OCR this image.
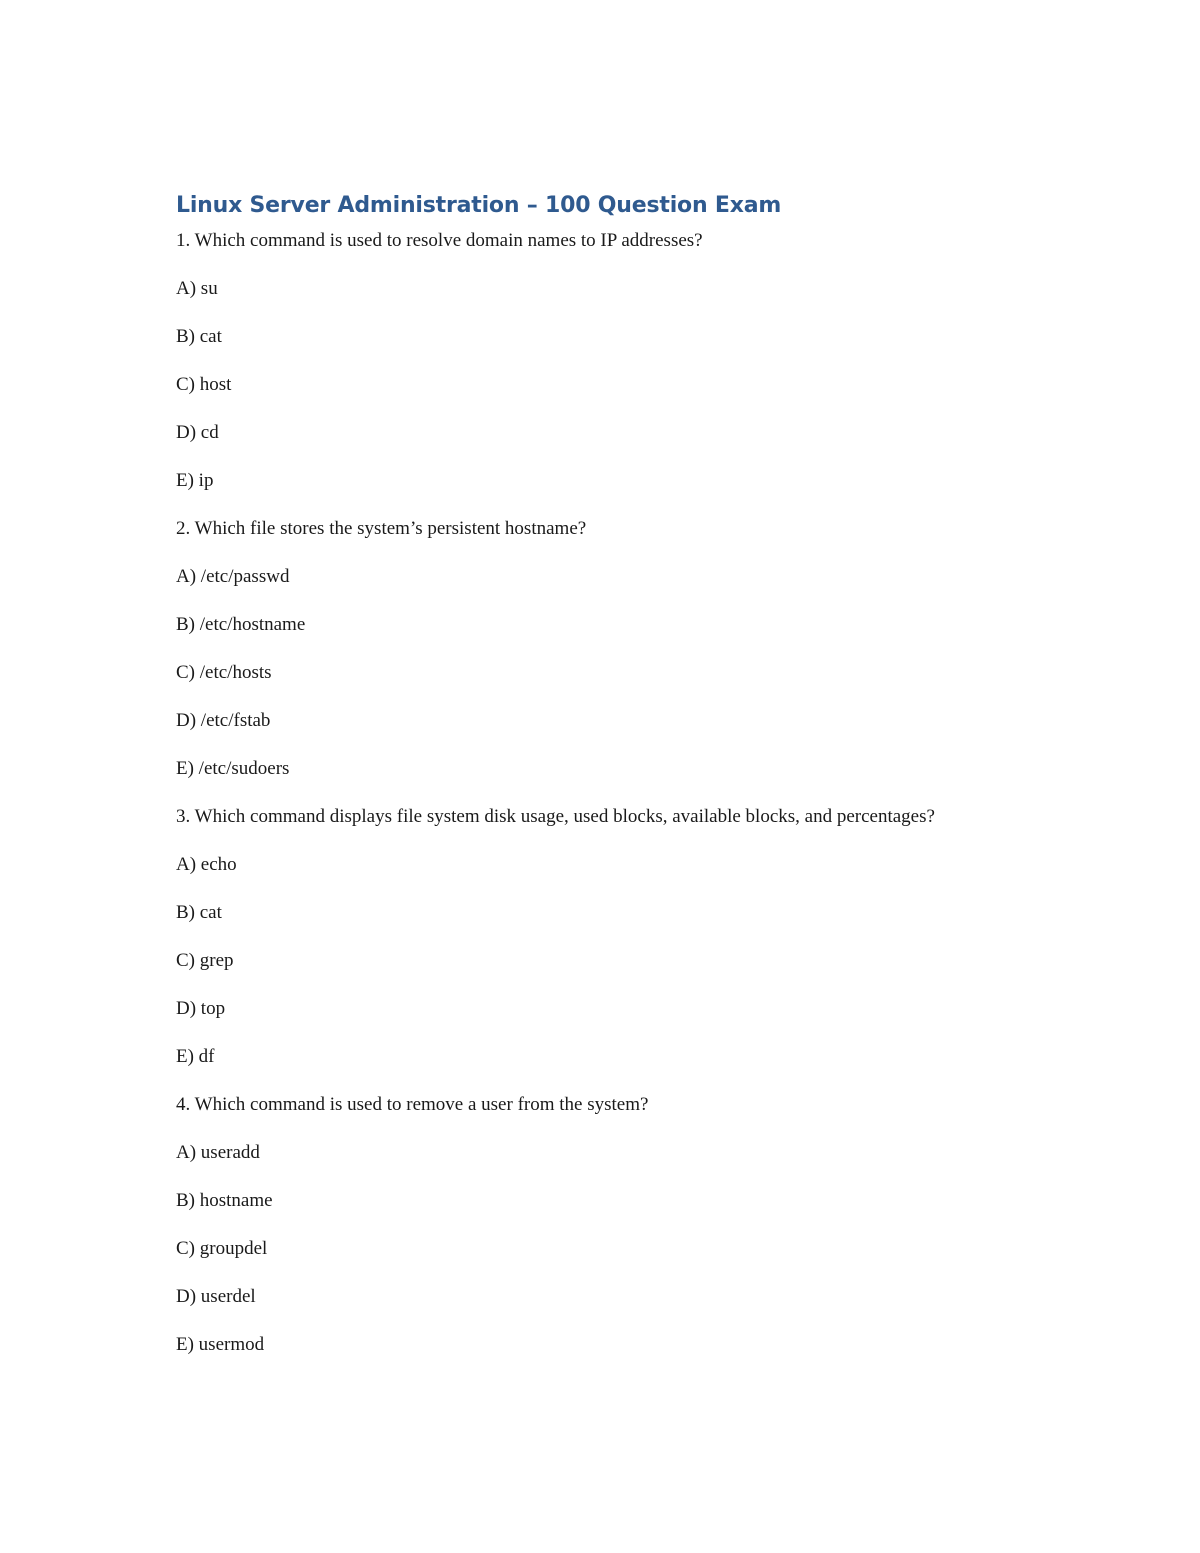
Linux Server Administration – 100 Question Exam

1. Which command is used to resolve domain names to IP addresses?

A) su

B) cat

C) host

D) cd

E) ip

2. Which file stores the system’s persistent hostname?

A) /etc/passwd

B) /etc/hostname

C) /etc/hosts

D) /etc/fstab

E) /etc/sudoers

3. Which command displays file system disk usage, used blocks, available blocks, and percentages?

A) echo

B) cat

C) grep

D) top

E) df

4. Which command is used to remove a user from the system?

A) useradd

B) hostname

C) groupdel

D) userdel

E) usermod
